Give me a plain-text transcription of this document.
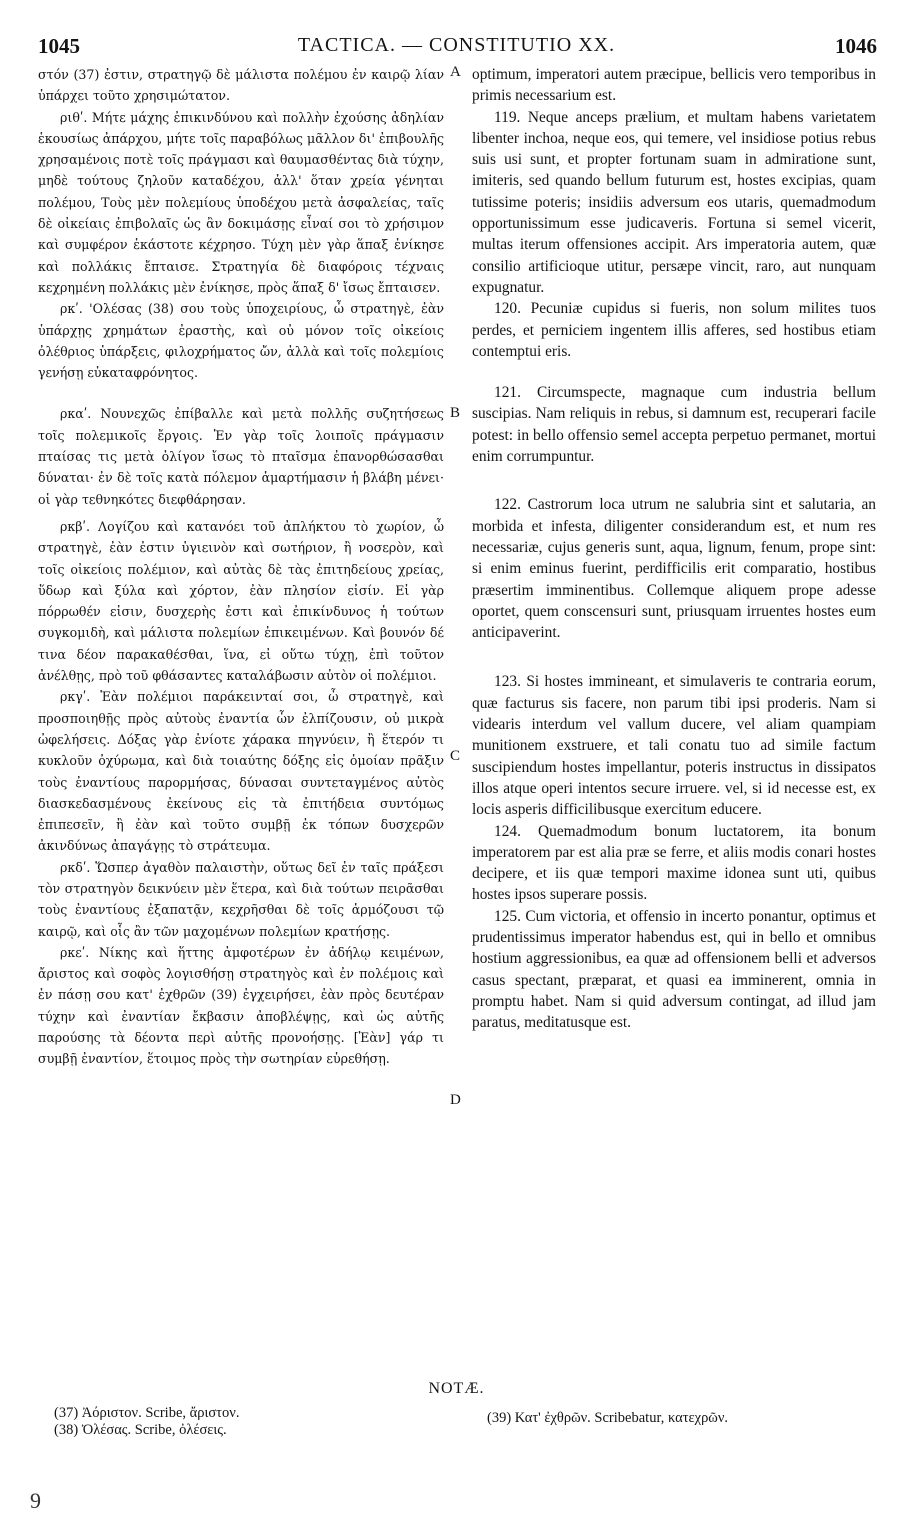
1045	TACTICA. — CONSTITUTIO XX.	1046

στόν (37) ἐστιν, στρατηγῷ δὲ μάλιστα πολέμου ἐν καιρῷ λίαν ὑπάρχει τοῦτο χρησιμώτατον.

ριθʹ. Μήτε μάχης ἐπικινδύνου καὶ πολλὴν ἐχούσης ἀδηλίαν ἑκουσίως ἀπάρχου, μήτε τοῖς παραβόλως μᾶλλον δι' ἐπιβουλῆς χρησαμένοις ποτὲ τοῖς πράγμασι καὶ θαυμασθέντας διὰ τύχην, μηδὲ τούτους ζηλοῦν καταδέχου, ἀλλ' ὅταν χρεία γένηται πολέμου, Τοὺς μὲν πολεμίους ὑποδέχου μετὰ ἀσφαλείας, ταῖς δὲ οἰκείαις ἐπιβολαῖς ὡς ἂν δοκιμάσῃς εἶναί σοι τὸ χρήσιμον καὶ συμφέρον ἑκάστοτε κέχρησο. Τύχη μὲν γὰρ ἅπαξ ἐνίκησε καὶ πολλάκις ἔπταισε. Στρατηγία δὲ διαφόροις τέχναις κεχρημένη πολλάκις μὲν ἐνίκησε, πρὸς ἅπαξ δ' ἴσως ἔπταισεν.

ρκʹ. 'Ολέσας (38) σου τοὺς ὑποχειρίους, ὦ στρατηγὲ, ἐὰν ὑπάρχῃς χρημάτων ἐραστὴς, καὶ οὐ μόνον τοῖς οἰκείοις ὀλέθριος ὑπάρξεις, φιλοχρήματος ὤν, ἀλλὰ καὶ τοῖς πολεμίοις γενήσῃ εὐκαταφρόνητος.

ρκαʹ. Νουνεχῶς ἐπίβαλλε καὶ μετὰ πολλῆς συζητήσεως τοῖς πολεμικοῖς ἔργοις. Ἐν γὰρ τοῖς λοιποῖς πράγμασιν πταίσας τις μετὰ ὀλίγον ἴσως τὸ πταῖσμα ἐπανορθώσασθαι δύναται· ἐν δὲ τοῖς κατὰ πόλεμον ἁμαρτήμασιν ἡ βλάβη μένει· οἱ γὰρ τεθνηκότες διεφθάρησαν.

ρκβʹ. Λογίζου καὶ κατανόει τοῦ ἀπλήκτου τὸ χωρίον, ὦ στρατηγὲ, ἐὰν ἐστιν ὑγιεινὸν καὶ σωτήριον, ἢ νοσερὸν, καὶ τοῖς οἰκείοις πολέμιον, καὶ αὐτὰς δὲ τὰς ἐπιτηδείους χρείας, ὕδωρ καὶ ξύλα καὶ χόρτον, ἐὰν πλησίον εἰσίν. Εἰ γὰρ πόρρωθέν εἰσιν, δυσχερὴς ἐστι καὶ ἐπικίνδυνος ἡ τούτων συγκομιδὴ, καὶ μάλιστα πολεμίων ἐπικειμένων. Καὶ βουνόν δέ τινα δέον παρακαθέσθαι, ἵνα, εἰ οὕτω τύχῃ, ἐπὶ τοῦτον ἀνέλθῃς, πρὸ τοῦ φθάσαντες καταλάβωσιν αὐτὸν οἱ πολέμιοι.

ρκγʹ. Ἐὰν πολέμιοι παράκεινταί σοι, ὦ στρατηγὲ, καὶ προσποιηθῇς πρὸς αὐτοὺς ἐναντία ὧν ἐλπίζουσιν, οὐ μικρὰ ὠφελήσεις. Δόξας γὰρ ἐνίοτε χάρακα πηγνύειν, ἢ ἕτερόν τι κυκλοῦν ὀχύρωμα, καὶ διὰ τοιαύτης δόξης εἰς ὁμοίαν πρᾶξιν τοὺς ἐναντίους παρορμήσας, δύνασαι συντεταγμένος αὐτὸς διασκεδασμένους ἐκείνους εἰς τὰ ἐπιτήδεια συντόμως ἐπιπεσεῖν, ἢ ἐὰν καὶ τοῦτο συμβῇ ἐκ τόπων δυσχερῶν ἀκινδύνως ἀπαγάγῃς τὸ στράτευμα.

ρκδʹ. Ὥσπερ ἀγαθὸν παλαιστὴν, οὕτως δεῖ ἐν ταῖς πράξεσι τὸν στρατηγὸν δεικνύειν μὲν ἕτερα, καὶ διὰ τούτων πειρᾶσθαι τοὺς ἐναντίους ἐξαπατᾷν, κεχρῆσθαι δὲ τοῖς ἁρμόζουσι τῷ καιρῷ, καὶ οἷς ἂν τῶν μαχομένων πολεμίων κρατήσῃς.

ρκεʹ. Νίκης καὶ ἥττης ἀμφοτέρων ἐν ἀδήλῳ κειμένων, ἄριστος καὶ σοφὸς λογισθήσῃ στρατηγὸς καὶ ἐν πολέμοις καὶ ἐν πάσῃ σου κατ' ἐχθρῶν (39) ἐγχειρήσει, ἐὰν πρὸς δευτέραν τύχην καὶ ἐναντίαν ἔκβασιν ἀποβλέψῃς, καὶ ὡς αὐτῆς παρούσης τὰ δέοντα περὶ αὐτῆς προνοήσῃς. [Ἐὰν] γάρ τι συμβῇ ἐναντίον, ἕτοιμος πρὸς τὴν σωτηρίαν εὑρεθήσῃ.

A
B
C
D

optimum, imperatori autem præcipue, bellicis vero temporibus in primis necessarium est.

119. Neque anceps prælium, et multam habens varietatem libenter inchoa, neque eos, qui temere, vel insidiose potius rebus suis usi sunt, et propter fortunam suam in admiratione sunt, imiteris, sed quando bellum futurum est, hostes excipias, quam tutissime poteris; insidiis adversum eos utaris, quemadmodum opportunissimum esse judicaveris. Fortuna si semel vicerit, multas iterum offensiones accipit. Ars imperatoria autem, quæ consilio artificioque utitur, persæpe vincit, raro, aut nunquam expugnatur.

120. Pecuniæ cupidus si fueris, non solum milites tuos perdes, et perniciem ingentem illis afferes, sed hostibus etiam contemptui eris.

121. Circumspecte, magnaque cum industria bellum suscipias. Nam reliquis in rebus, si damnum est, recuperari facile potest: in bello offensio semel accepta perpetuo permanet, mortui enim corrumpuntur.

122. Castrorum loca utrum ne salubria sint et salutaria, an morbida et infesta, diligenter considerandum est, et num res necessariæ, cujus generis sunt, aqua, lignum, fenum, prope sint: si enim eminus fuerint, perdifficilis erit comparatio, hostibus præsertim imminentibus. Collemque aliquem prope adesse oportet, quem conscensuri sunt, priusquam irruentes hostes eum anticipaverint.

123. Si hostes immineant, et simulaveris te contraria eorum, quæ facturus sis facere, non parum tibi ipsi proderis. Nam si videaris interdum vel vallum ducere, vel aliam quampiam munitionem exstruere, et tali conatu tuo ad simile factum suscipiendum hostes impellantur, poteris instructus in dissipatos illos atque operi intentos secure irruere. vel, si id necesse est, ex locis asperis difficilibusque exercitum educere.

124. Quemadmodum bonum luctatorem, ita bonum imperatorem par est alia præ se ferre, et aliis modis conari hostes decipere, et iis quæ tempori maxime idonea sunt uti, quibus hostes ipsos superare possis.

125. Cum victoria, et offensio in incerto ponantur, optimus et prudentissimus imperator habendus est, qui in bello et omnibus hostium aggressionibus, ea quæ ad offensionem belli et adversos casus spectant, præparat, et quasi ea imminerent, omnia in promptu habet. Nam si quid adversum contingat, ad illud jam paratus, meditatusque est.

NOTÆ.

(37) Ἀόριστον. Scribe, ἄριστον.

(38) Ὀλέσας. Scribe, ὀλέσεις.

(39) Κατ' ἐχθρῶν. Scribebatur, κατεχρῶν.

9
